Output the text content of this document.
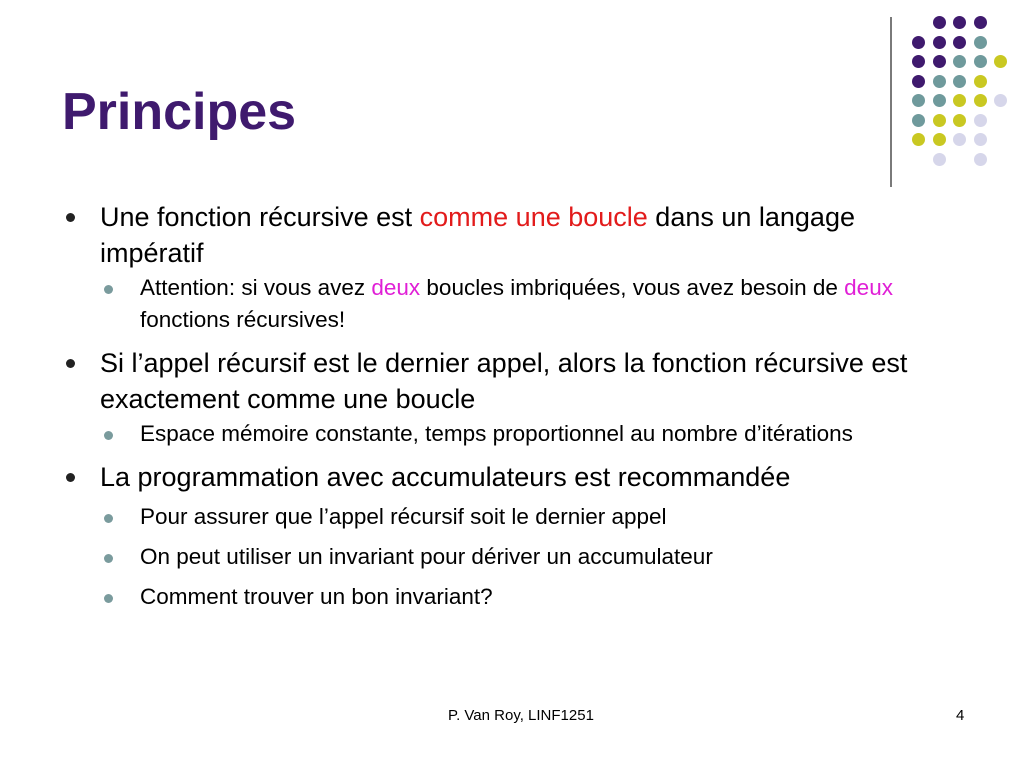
Principes
Une fonction récursive est comme une boucle dans un langage impératif
Attention: si vous avez deux boucles imbriquées, vous avez besoin de deux fonctions récursives!
Si l’appel récursif est le dernier appel, alors la fonction récursive est exactement comme une boucle
Espace mémoire constante, temps proportionnel au nombre d’itérations
La programmation avec accumulateurs est recommandée
Pour assurer que l’appel récursif soit le dernier appel
On peut utiliser un invariant pour dériver un accumulateur
Comment trouver un bon invariant?
P. Van Roy, LINF1251	4
